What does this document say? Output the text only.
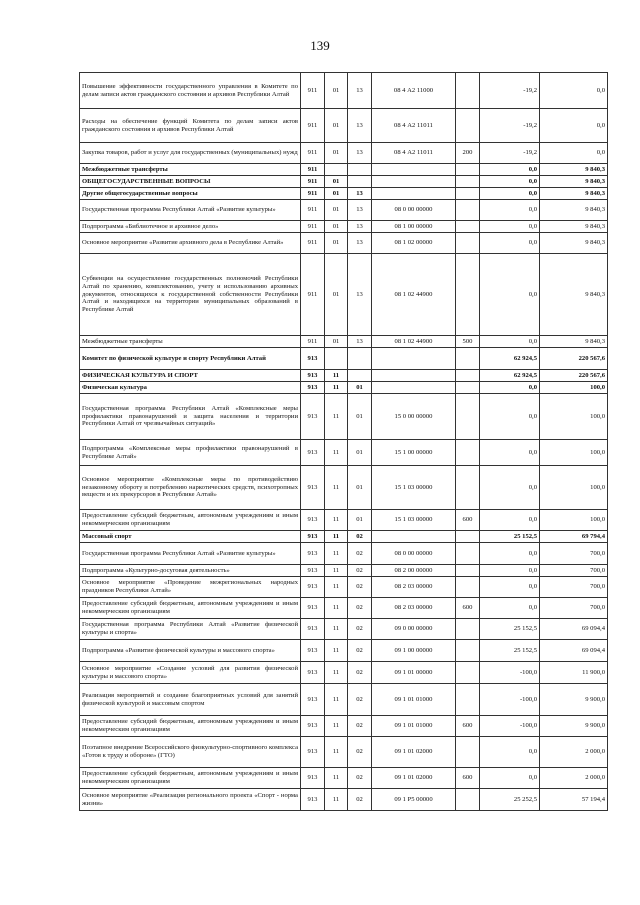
139
Повышение эффективности государственного управления в Комитете по делам записи актов гражданского состояния и архивов Республики Алтай	911	01	13	08 4 А2 11000		-19,2	0,0
Расходы на обеспечение функций Комитета по делам записи актов гражданского состояния и архивов Республики Алтай	911	01	13	08 4 А2 11011		-19,2	0,0
Закупка товаров, работ и услуг для государственных (муниципальных) нужд	911	01	13	08 4 А2 11011	200	-19,2	0,0
Межбюджетные трансферты	911					0,0	9 840,3
ОБЩЕГОСУДАРСТВЕННЫЕ ВОПРОСЫ	911	01				0,0	9 840,3
Другие общегосударственные вопросы	911	01	13			0,0	9 840,3
Государственная программа Республики Алтай «Развитие культуры»	911	01	13	08 0 00 00000		0,0	9 840,3
Подпрограмма «Библиотечное и архивное дело»	911	01	13	08 1 00 00000		0,0	9 840,3
Основное мероприятие «Развитие архивного дела в Республике Алтай»	911	01	13	08 1 02 00000		0,0	9 840,3
Субвенции на осуществление государственных полномочий Республики Алтай по хранению, комплектованию, учету и использованию архивных документов, относящихся к государственной собственности Республики Алтай и находящихся на территории муниципальных образований в Республике Алтай	911	01	13	08 1 02 44900		0,0	9 840,3
Межбюджетные трансферты	911	01	13	08 1 02 44900	500	0,0	9 840,3
Комитет по физической культуре и спорту Республики Алтай	913					62 924,5	220 567,6
ФИЗИЧЕСКАЯ КУЛЬТУРА И СПОРТ	913	11				62 924,5	220 567,6
Физическая культура	913	11	01			0,0	100,0
Государственная программа Республики Алтай «Комплексные меры профилактики правонарушений и защита населения и территории Республики Алтай от чрезвычайных ситуаций»	913	11	01	15 0 00 00000		0,0	100,0
Подпрограмма «Комплексные меры профилактики правонарушений в Республике Алтай»	913	11	01	15 1 00 00000		0,0	100,0
Основное мероприятие «Комплексные меры по противодействию незаконному обороту и потреблению наркотических средств, психотропных веществ и их прекурсоров в Республике Алтай»	913	11	01	15 1 03 00000		0,0	100,0
Предоставление субсидий бюджетным, автономным учреждениям и иным некоммерческим организациям	913	11	01	15 1 03 00000	600	0,0	100,0
Массовый спорт	913	11	02			25 152,5	69 794,4
Государственная программа Республики Алтай «Развитие культуры»	913	11	02	08 0 00 00000		0,0	700,0
Подпрограмма «Культурно-досуговая деятельность»	913	11	02	08 2 00 00000		0,0	700,0
Основное мероприятие «Проведение межрегиональных народных праздников Республики Алтай»	913	11	02	08 2 03 00000		0,0	700,0
Предоставление субсидий бюджетным, автономным учреждениям и иным некоммерческим организациям	913	11	02	08 2 03 00000	600	0,0	700,0
Государственная программа Республики Алтай «Развитие физической культуры и спорта»	913	11	02	09 0 00 00000		25 152,5	69 094,4
Подпрограмма «Развитие физической культуры и массового спорта»	913	11	02	09 1 00 00000		25 152,5	69 094,4
Основное мероприятие «Создание условий для развития физической культуры и массового спорта»	913	11	02	09 1 01 00000		-100,0	11 900,0
Реализация мероприятий и создание благоприятных условий для занятий физической культурой и массовым спортом	913	11	02	09 1 01 01000		-100,0	9 900,0
Предоставление субсидий бюджетным, автономным учреждениям и иным некоммерческим организациям	913	11	02	09 1 01 01000	600	-100,0	9 900,0
Поэтапное внедрение Всероссийского физкультурно-спортивного комплекса «Готов к труду и обороне» (ГТО)	913	11	02	09 1 01 02000		0,0	2 000,0
Предоставление субсидий бюджетным, автономным учреждениям и иным некоммерческим организациям	913	11	02	09 1 01 02000	600	0,0	2 000,0
Основное мероприятие «Реализация регионального проекта «Спорт - норма жизни»	913	11	02	09 1 P5 00000		25 252,5	57 194,4
